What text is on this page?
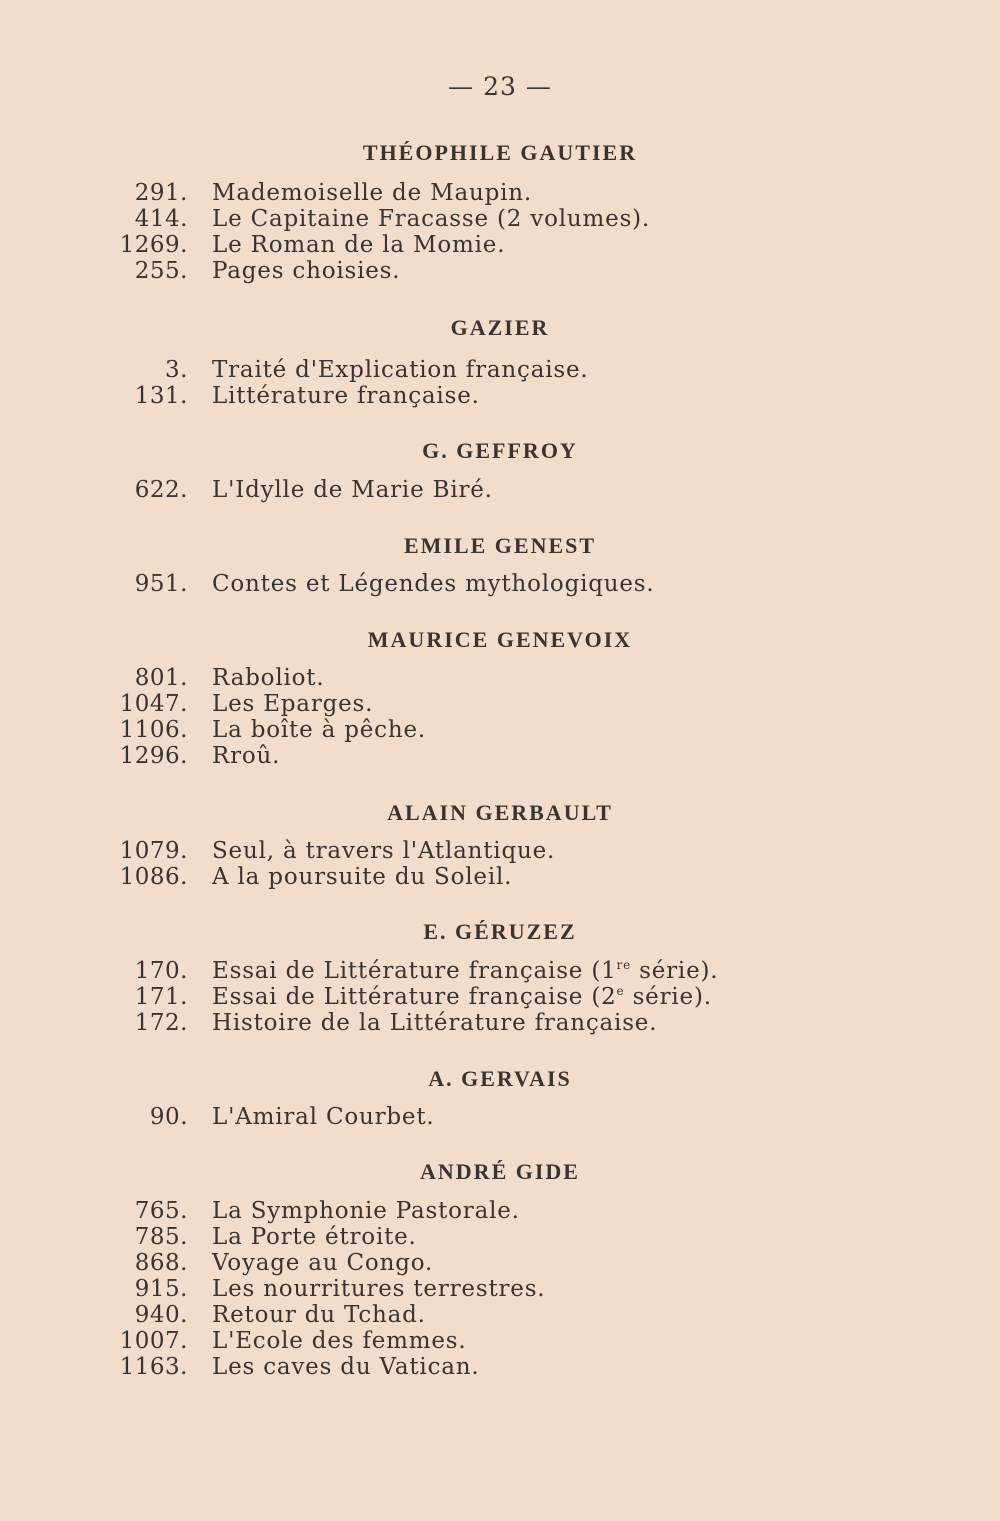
— 23 —
THÉOPHILE GAUTIER
291. Mademoiselle de Maupin.
414. Le Capitaine Fracasse (2 volumes).
1269. Le Roman de la Momie.
255. Pages choisies.
GAZIER
3. Traité d'Explication française.
131. Littérature française.
G. GEFFROY
622. L'Idylle de Marie Biré.
EMILE GENEST
951. Contes et Légendes mythologiques.
MAURICE GENEVOIX
801. Raboliot.
1047. Les Eparges.
1106. La boîte à pêche.
1296. Rroû.
ALAIN GERBAULT
1079. Seul, à travers l'Atlantique.
1086. A la poursuite du Soleil.
E. GÉRUZEZ
170. Essai de Littérature française (1re série).
171. Essai de Littérature française (2e série).
172. Histoire de la Littérature française.
A. GERVAIS
90. L'Amiral Courbet.
ANDRÉ GIDE
765. La Symphonie Pastorale.
785. La Porte étroite.
868. Voyage au Congo.
915. Les nourritures terrestres.
940. Retour du Tchad.
1007. L'Ecole des femmes.
1163. Les caves du Vatican.
